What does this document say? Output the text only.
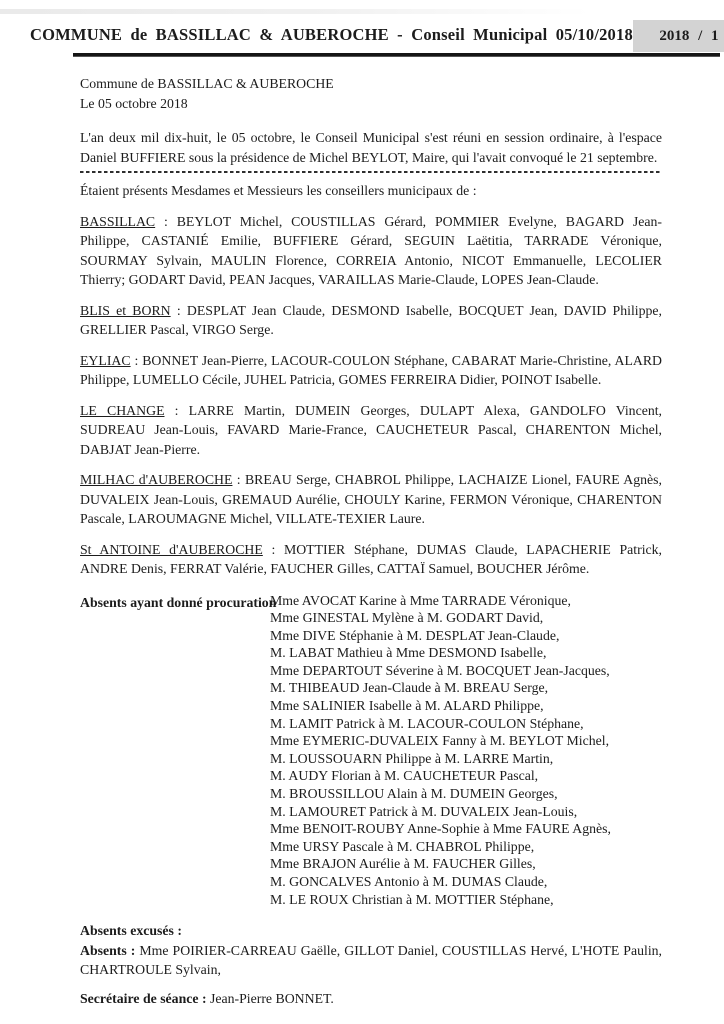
COMMUNE de BASSILLAC & AUBEROCHE - Conseil Municipal 05/10/2018	2018 / 1

Commune de BASSILLAC & AUBEROCHE

Le 05 octobre 2018

L'an deux mil dix-huit, le 05 octobre, le Conseil Municipal s'est réuni en session ordinaire, à l'espace Daniel BUFFIERE sous la présidence de Michel BEYLOT, Maire, qui l'avait convoqué le 21 septembre.

Étaient présents Mesdames et Messieurs les conseillers municipaux de :

BASSILLAC : BEYLOT Michel, COUSTILLAS Gérard, POMMIER Evelyne, BAGARD Jean-Philippe, CASTANIÉ Emilie, BUFFIERE Gérard, SEGUIN Laëtitia, TARRADE Véronique, SOURMAY Sylvain, MAULIN Florence, CORREIA Antonio, NICOT Emmanuelle, LECOLIER Thierry; GODART David, PEAN Jacques, VARAILLAS Marie-Claude, LOPES Jean-Claude.

BLIS et BORN : DESPLAT Jean Claude, DESMOND Isabelle, BOCQUET Jean, DAVID Philippe, GRELLIER Pascal, VIRGO Serge.

EYLIAC : BONNET Jean-Pierre, LACOUR-COULON Stéphane, CABARAT Marie-Christine, ALARD Philippe, LUMELLO Cécile, JUHEL Patricia, GOMES FERREIRA Didier, POINOT Isabelle.

LE CHANGE : LARRE Martin, DUMEIN Georges, DULAPT Alexa, GANDOLFO Vincent, SUDREAU Jean-Louis, FAVARD Marie-France, CAUCHETEUR Pascal, CHARENTON Michel, DABJAT Jean-Pierre.

MILHAC d'AUBEROCHE : BREAU Serge, CHABROL Philippe, LACHAIZE Lionel, FAURE Agnès, DUVALEIX Jean-Louis, GREMAUD Aurélie, CHOULY Karine, FERMON Véronique, CHARENTON Pascale, LAROUMAGNE Michel, VILLATE-TEXIER Laure.

St ANTOINE d'AUBEROCHE : MOTTIER Stéphane, DUMAS Claude, LAPACHERIE Patrick, ANDRE Denis, FERRAT Valérie, FAUCHER Gilles, CATTAÏ Samuel, BOUCHER Jérôme.

Absents ayant donné procuration
Mme AVOCAT Karine à Mme TARRADE Véronique,
Mme GINESTAL Mylène à M. GODART David,
Mme DIVE Stéphanie à M. DESPLAT Jean-Claude,
M. LABAT Mathieu à Mme DESMOND Isabelle,
Mme DEPARTOUT Séverine à M. BOCQUET Jean-Jacques,
M. THIBEAUD Jean-Claude à M. BREAU Serge,
Mme SALINIER Isabelle à M. ALARD Philippe,
M. LAMIT Patrick à M. LACOUR-COULON Stéphane,
Mme EYMERIC-DUVALEIX Fanny à M. BEYLOT Michel,
M. LOUSSOUARN Philippe à M. LARRE Martin,
M. AUDY Florian à M. CAUCHETEUR Pascal,
M. BROUSSILLOU Alain à M. DUMEIN Georges,
M. LAMOURET Patrick à M. DUVALEIX Jean-Louis,
Mme BENOIT-ROUBY Anne-Sophie à Mme FAURE Agnès,
Mme URSY Pascale à M. CHABROL Philippe,
Mme BRAJON Aurélie à M. FAUCHER Gilles,
M. GONCALVES Antonio à M. DUMAS Claude,
M. LE ROUX Christian à M. MOTTIER Stéphane,

Absents excusés :

Absents : Mme POIRIER-CARREAU Gaëlle, GILLOT Daniel, COUSTILLAS Hervé, L'HOTE Paulin, CHARTROULE Sylvain,

Secrétaire de séance : Jean-Pierre BONNET.
